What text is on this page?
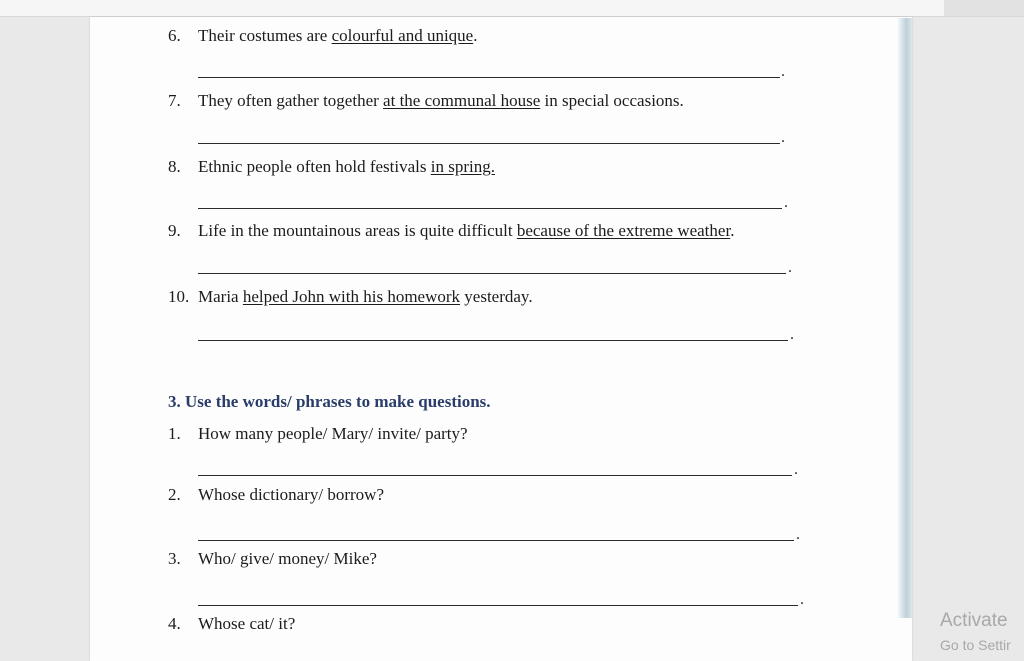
6. Their costumes are colourful and unique.
.
7. They often gather together at the communal house in special occasions.
.
8. Ethnic people often hold festivals in spring.
.
9. Life in the mountainous areas is quite difficult because of the extreme weather.
.
10. Maria helped John with his homework yesterday.
.
3. Use the words/ phrases to make questions.
1. How many people/ Mary/ invite/ party?
.
2. Whose dictionary/ borrow?
.
3. Who/ give/ money/ Mike?
.
4. Whose cat/ it?	Activate
Go to Settir
